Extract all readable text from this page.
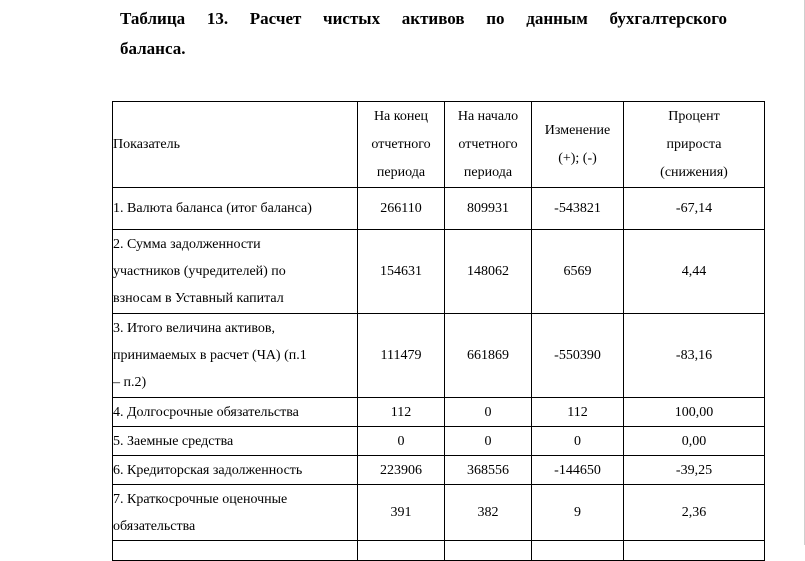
Таблица 13. Расчет чистых активов по данным бухгалтерского
баланса.
Показатель	На конец
отчетного
периода	На начало
отчетного
периода	Изменение
(+); (-)	Процент
прироста
(снижения)

1. Валюта баланса (итог баланса)	266110	809931	-543821	-67,14

2. Сумма задолженности
участников (учредителей) по
взносам в Уставный капитал	154631	148062	6569	4,44

3. Итого величина активов,
принимаемых в расчет (ЧА) (п.1
– п.2)	111479	661869	-550390	-83,16

4. Долгосрочные обязательства	112	0	112	100,00

5. Заемные средства	0	0	0	0,00

6. Кредиторская задолженность	223906	368556	-144650	-39,25

7. Краткосрочные оценочные
обязательства	391	382	9	2,36
